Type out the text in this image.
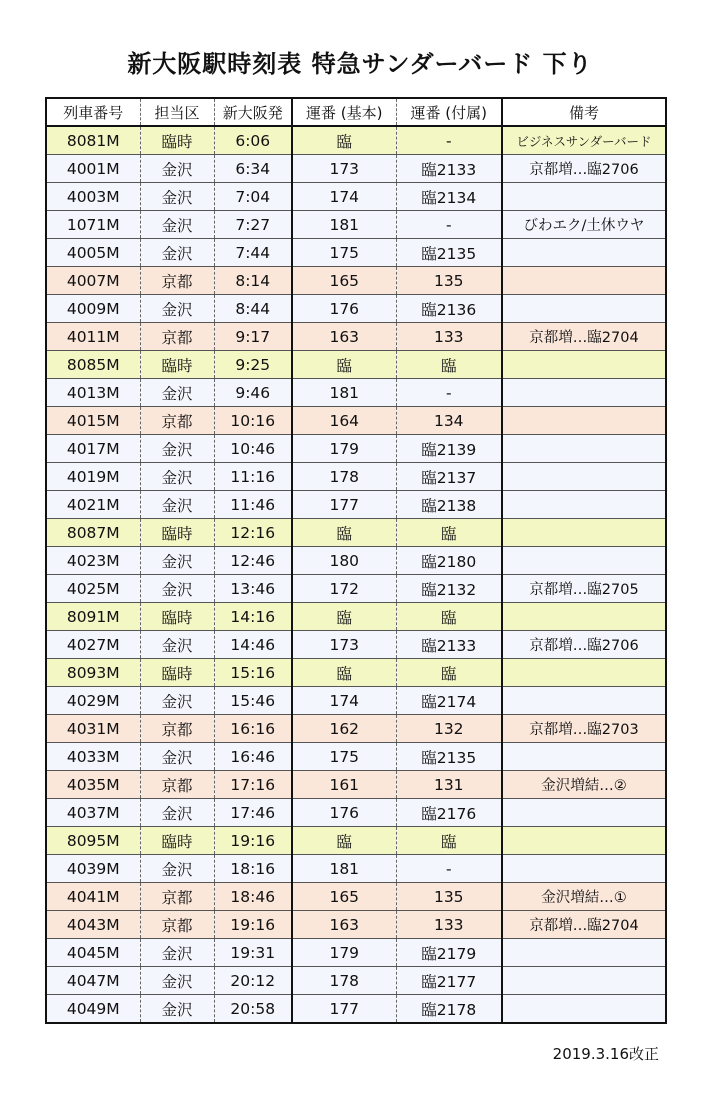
新大阪駅時刻表 特急サンダーバード 下り
列車番号	担当区	新大阪発	運番 (基本)	運番 (付属)	備考
8081M	臨時	6:06	臨	-	ビジネスサンダーバード
4001M	金沢	6:34	173	臨2133	京都増…臨2706
4003M	金沢	7:04	174	臨2134	
1071M	金沢	7:27	181	-	びわエク/土休ウヤ
4005M	金沢	7:44	175	臨2135	
4007M	京都	8:14	165	135	
4009M	金沢	8:44	176	臨2136	
4011M	京都	9:17	163	133	京都増…臨2704
8085M	臨時	9:25	臨	臨	
4013M	金沢	9:46	181	-	
4015M	京都	10:16	164	134	
4017M	金沢	10:46	179	臨2139	
4019M	金沢	11:16	178	臨2137	
4021M	金沢	11:46	177	臨2138	
8087M	臨時	12:16	臨	臨	
4023M	金沢	12:46	180	臨2180	
4025M	金沢	13:46	172	臨2132	京都増…臨2705
8091M	臨時	14:16	臨	臨	
4027M	金沢	14:46	173	臨2133	京都増…臨2706
8093M	臨時	15:16	臨	臨	
4029M	金沢	15:46	174	臨2174	
4031M	京都	16:16	162	132	京都増…臨2703
4033M	金沢	16:46	175	臨2135	
4035M	京都	17:16	161	131	金沢増結…②
4037M	金沢	17:46	176	臨2176	
8095M	臨時	19:16	臨	臨	
4039M	金沢	18:16	181	-	
4041M	京都	18:46	165	135	金沢増結…①
4043M	京都	19:16	163	133	京都増…臨2704
4045M	金沢	19:31	179	臨2179	
4047M	金沢	20:12	178	臨2177	
4049M	金沢	20:58	177	臨2178	
2019.3.16改正
